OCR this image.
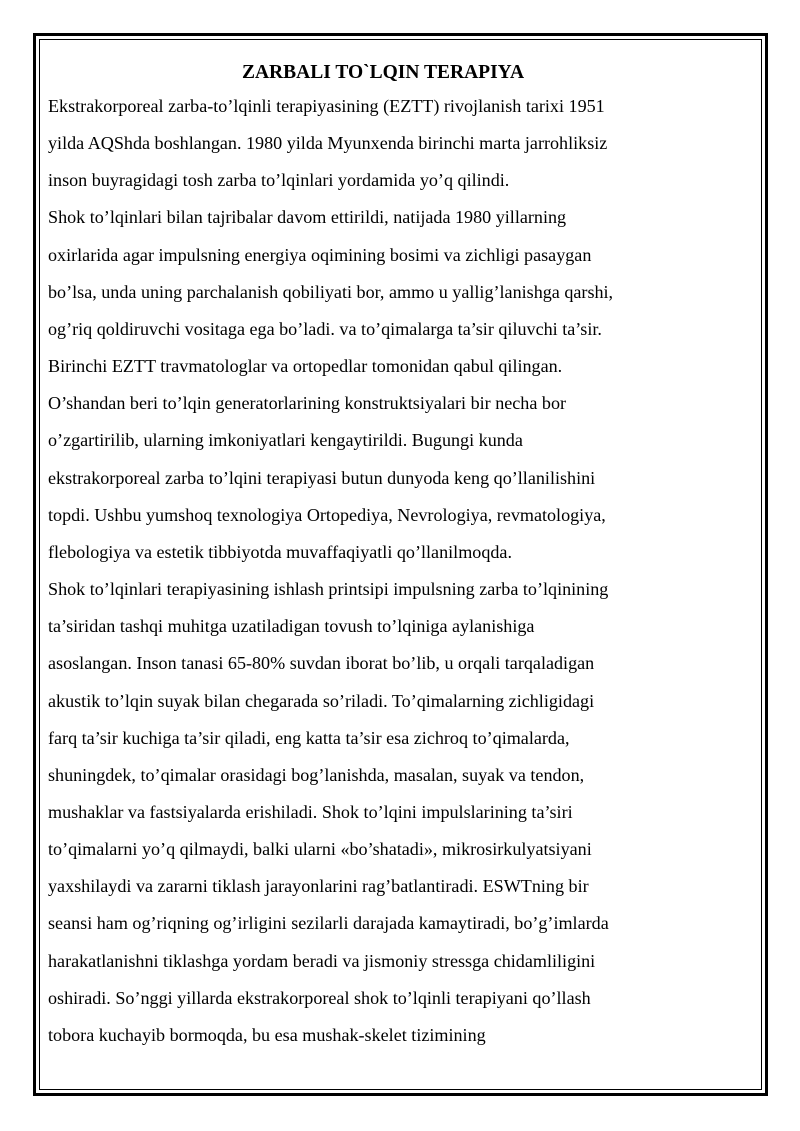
ZARBALI TO`LQIN TERAPIYA
Ekstrakorporeal zarba-to’lqinli terapiyasining (EZTT) rivojlanish tarixi 1951
yilda AQShda boshlangan. 1980 yilda Myunxenda birinchi marta jarrohliksiz
inson buyragidagi tosh zarba to’lqinlari yordamida yo’q qilindi.
Shok to’lqinlari bilan tajribalar davom ettirildi, natijada 1980 yillarning
oxirlarida agar impulsning energiya oqimining bosimi va zichligi pasaygan
bo’lsa, unda uning parchalanish qobiliyati bor, ammo u yallig’lanishga qarshi,
og’riq qoldiruvchi vositaga ega bo’ladi. va to’qimalarga ta’sir qiluvchi ta’sir.
Birinchi EZTT travmatologlar va ortopedlar tomonidan qabul qilingan.
O’shandan beri to’lqin generatorlarining konstruktsiyalari bir necha bor
o’zgartirilib, ularning imkoniyatlari kengaytirildi. Bugungi kunda
ekstrakorporeal zarba to’lqini terapiyasi butun dunyoda keng qo’llanilishini
topdi. Ushbu yumshoq texnologiya Ortopediya, Nevrologiya, revmatologiya,
flebologiya va estetik tibbiyotda muvaffaqiyatli qo’llanilmoqda.
Shok to’lqinlari terapiyasining ishlash printsipi impulsning zarba to’lqinining
ta’siridan tashqi muhitga uzatiladigan tovush to’lqiniga aylanishiga
asoslangan. Inson tanasi 65-80% suvdan iborat bo’lib, u orqali tarqaladigan
akustik to’lqin suyak bilan chegarada so’riladi. To’qimalarning zichligidagi
farq ta’sir kuchiga ta’sir qiladi, eng katta ta’sir esa zichroq to’qimalarda,
shuningdek, to’qimalar orasidagi bog’lanishda, masalan, suyak va tendon,
mushaklar va fastsiyalarda erishiladi. Shok to’lqini impulslarining ta’siri
to’qimalarni yo’q qilmaydi, balki ularni «bo’shatadi», mikrosirkulyatsiyani
yaxshilaydi va zararni tiklash jarayonlarini rag’batlantiradi. ESWTning bir
seansi ham og’riqning og’irligini sezilarli darajada kamaytiradi, bo’g’imlarda
harakatlanishni tiklashga yordam beradi va jismoniy stressga chidamliligini
oshiradi. So’nggi yillarda ekstrakorporeal shok to’lqinli terapiyani qo’llash
tobora kuchayib bormoqda, bu esa mushak-skelet tizimining
